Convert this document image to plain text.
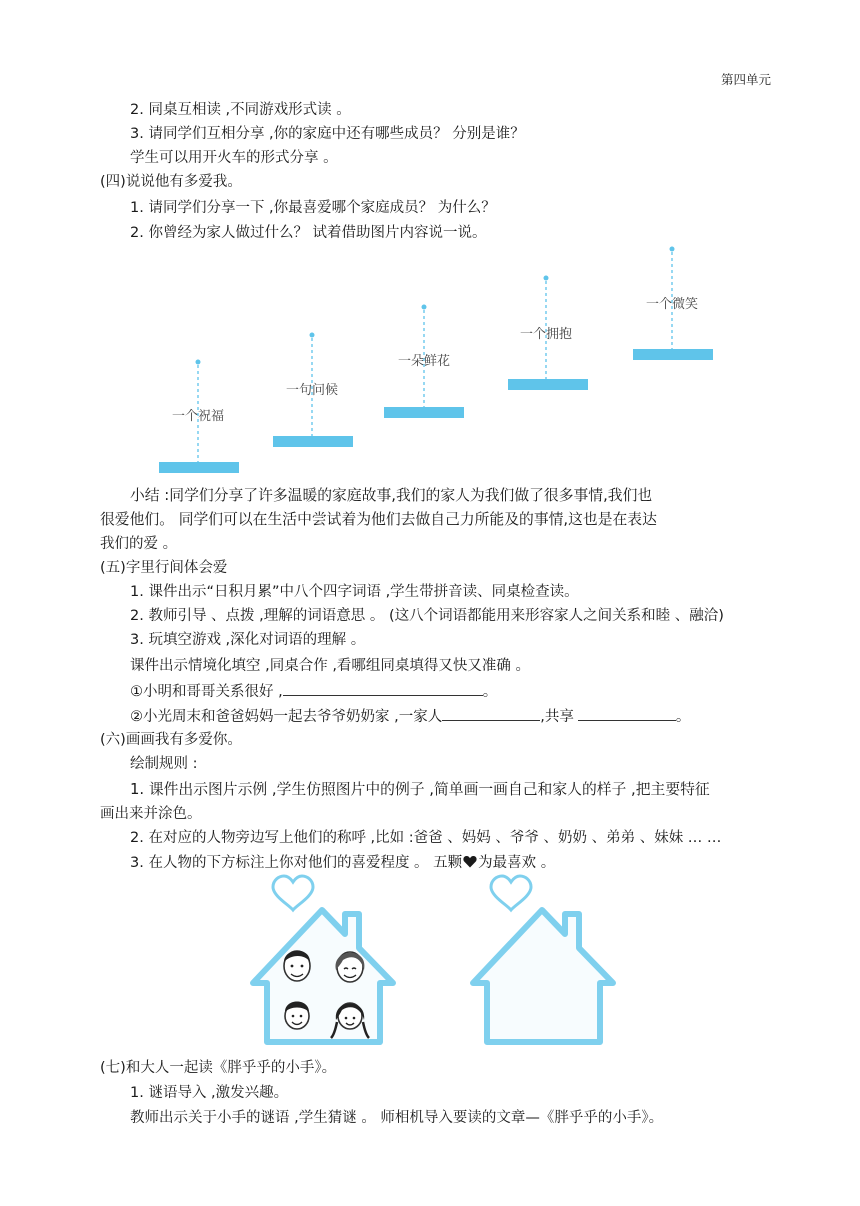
第四单元
2. 同桌互相读 ,不同游戏形式读 。
3. 请同学们互相分享 ,你的家庭中还有哪些成员？ 分别是谁？
学生可以用开火车的形式分享 。
(四)说说他有多爱我。
1. 请同学们分享一下 ,你最喜爱哪个家庭成员？ 为什么？
2. 你曾经为家人做过什么？ 试着借助图片内容说一说。
一个祝福
一句问候
一朵鲜花
一个拥抱
一个微笑
小结 :同学们分享了许多温暖的家庭故事,我们的家人为我们做了很多事情,我们也
很爱他们。 同学们可以在生活中尝试着为他们去做自己力所能及的事情,这也是在表达
我们的爱 。
(五)字里行间体会爱
1. 课件出示“日积月累”中八个四字词语 ,学生带拼音读、同桌检查读。
2. 教师引导 、点拨 ,理解的词语意思 。 (这八个词语都能用来形容家人之间关系和睦 、融洽)
3. 玩填空游戏 ,深化对词语的理解 。
课件出示情境化填空 ,同桌合作 ,看哪组同桌填得又快又准确 。
①小明和哥哥关系很好 ,	。
②小光周末和爸爸妈妈一起去爷爷奶奶家 ,一家人	,共享	。
(六)画画我有多爱你。
绘制规则 :
1. 课件出示图片示例 ,学生仿照图片中的例子 ,简单画一画自己和家人的样子 ,把主要特征
画出来并涂色。
2. 在对应的人物旁边写上他们的称呼 ,比如 :爸爸 、妈妈 、爷爷 、奶奶 、弟弟 、妹妹 … …
3. 在人物的下方标注上你对他们的喜爱程度 。 五颗 为最喜欢 。
(七)和大人一起读《胖乎乎的小手》。
1. 谜语导入 ,激发兴趣。
教师出示关于小手的谜语 ,学生猜谜 。 师相机导入要读的文章—《胖乎乎的小手》。
